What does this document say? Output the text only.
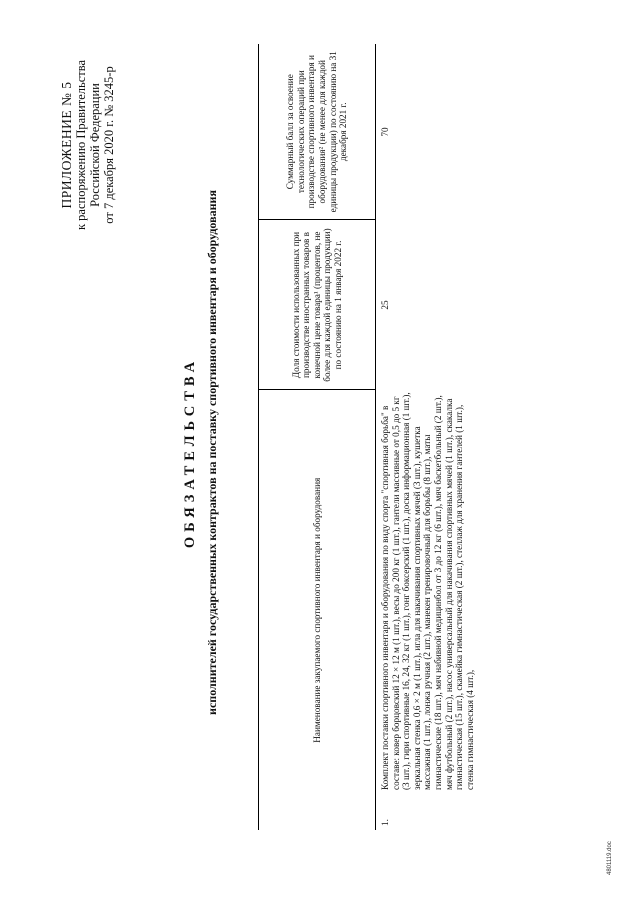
ПРИЛОЖЕНИЕ № 5 к распоряжению Правительства Российской Федерации от 7 декабря 2020 г. № 3245-р
ОБЯЗАТЕЛЬСТВА исполнителей государственных контрактов на поставку спортивного инвентаря и оборудования	Наименование закупаемого спортивного инвентаря и оборудования		Доля стоимости использованных при производстве иностранных товаров в конечной цене товара¹ (процентов, не более для каждой единицы продукции) по состоянию на 1 января 2022 г.	Суммарный балл за освоение технологических операций при производстве спортивного инвентаря и оборудования² (не менее для каждой единицы продукции) по состоянию на 31 декабря 2021 г.
1.	Комплект поставки спортивного инвентаря и оборудования по виду спорта "спортивная борьба" в составе: ковер борцовский 12 × 12 м (1 шт.), весы до 200 кг (1 шт.), гантели массивные от 0,5 до 5 кг (3 шт.), гири спортивные 16, 24, 32 кг (1 шт.), гонг боксерский (1 шт.), доска информационная (1 шт.), зеркальная стенка 0,6 × 2 м (1 шт.), игла для накачивания спортивных мячей (3 шт.), кушетка массажная (1 шт.), лонжа ручная (2 шт.), манекен тренировочный для борьбы (8 шт.), маты гимнастические (18 шт.), мяч набивной медицинбол от 3 до 12 кг (6 шт.), мяч баскетбольный (2 шт.), мяч футбольный (2 шт.), насос универсальный для накачивания спортивных мячей (1 шт.), скакалка гимнастическая (15 шт.), скамейка гимнастическая (2 шт.), стеллаж для хранения гантелей (1 шт.), стенка гимнастическая (4 шт.),	25	70
4801119.doc
